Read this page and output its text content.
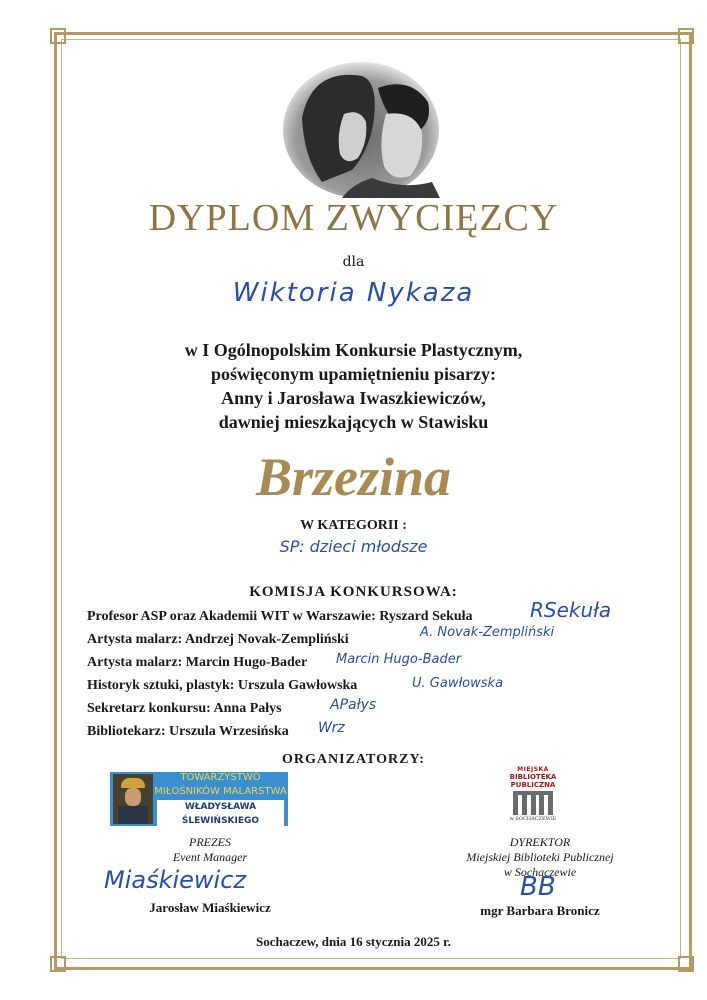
DYPLOM ZWYCIĘZCY
dla
Wiktoria Nykaza
w I Ogólnopolskim Konkursie Plastycznym,
poświęconym upamiętnieniu pisarzy:
Anny i Jarosława Iwaszkiewiczów,
dawniej mieszkających w Stawisku
Brzezina
W KATEGORII :
SP: dzieci młodsze
KOMISJA KONKURSOWA:
Profesor ASP oraz Akademii WIT w Warszawie: Ryszard Sekuła
Artysta malarz: Andrzej Novak-Zempliński
Artysta malarz: Marcin Hugo-Bader
Historyk sztuki, plastyk: Urszula Gawłowska
Sekretarz konkursu: Anna Pałys
Bibliotekarz: Urszula Wrzesińska
RSekuła
A. Novak-Zempliński
Marcin Hugo-Bader
U. Gawłowska
APałys
Wrz
ORGANIZATORZY:
TOWARZYSTWO
MIŁOŚNIKÓW MALARSTWA
WŁADYSŁAWA ŚLEWIŃSKIEGO
MIEJSKA
BIBLIOTEKA
PUBLICZNA
w SOCHACZEWIE
PREZES
Event Manager
Miaśkiewicz
Jarosław Miaśkiewicz
DYREKTOR
Miejskiej Biblioteki Publicznej
w Sochaczewie
BB
mgr Barbara Bronicz
Sochaczew, dnia 16 stycznia 2025 r.
